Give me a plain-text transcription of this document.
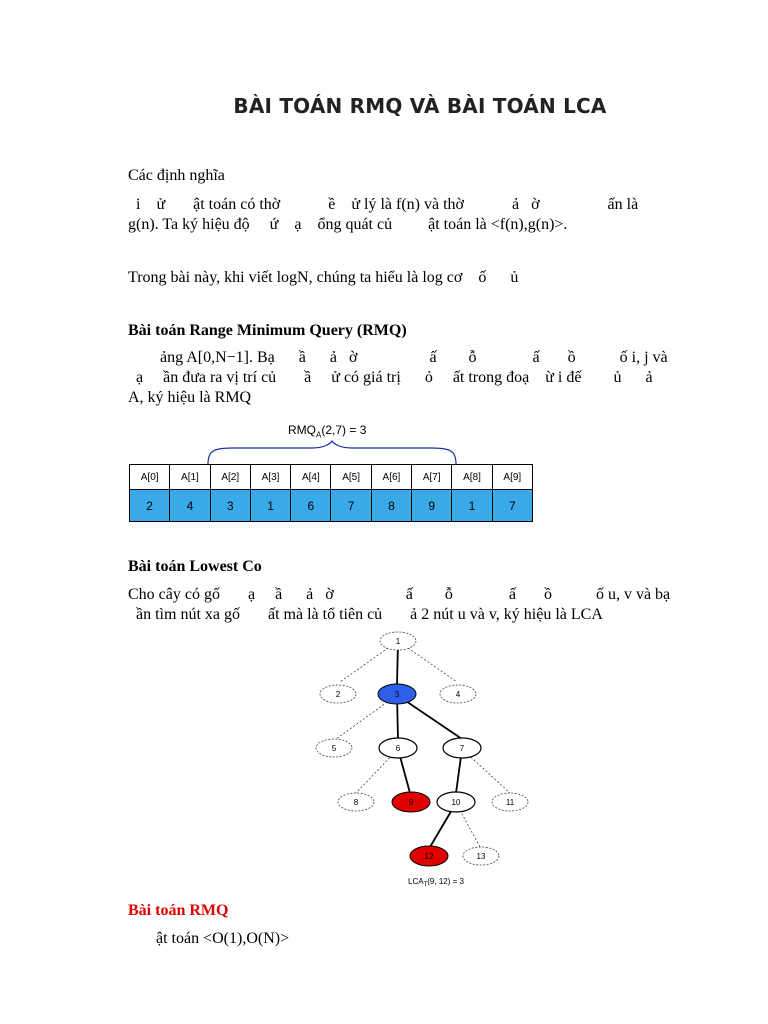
BÀI TOÁN RMQ VÀ BÀI TOÁN LCA
Các định nghĩa
i    ử       ật toán có thờ            ề    ử lý là f(n) và thờ            ả   ờ                 ấn là
g(n). Ta ký hiệu độ     ứ    ạ    ổng quát củ         ật toán là <f(n),g(n)>.
Trong bài này, khi viết logN, chúng ta hiểu là log cơ    ố      ủ
Bài toán Range Minimum Query (RMQ)
ảng A[0,N−1]. Bạ      ầ      ả   ờ                  ấ        ỗ              ấ       ồ           ố i, j và
ạ     ần đưa ra vị trí củ       ầ     ử có giá trị      ỏ     ất trong đoạ    ừ i đế        ủ      ả
A, ký hiệu là RMQ
$RMQ_A(2,7) = 3$
A[0]	A[1]	A[2]	A[3]	A[4]	A[5]	A[6]	A[7]	A[8]	A[9]
2	4	3	1	6	7	8	9	1	7
Bài toán Lowest Co
Cho cây có gố       ạ     ầ      ả   ờ                  ấ        ỗ              ấ       ồ           ố u, v và bạ
ần tìm nút xa gố       ất mà là tổ tiên củ       ả 2 nút u và v, ký hiệu là LCA
1
2	3	4
5	6	7
8	9	10	11
12	13
$LCA_T(9$, 12) = 3
Bài toán RMQ
ật toán <O(1),O(N)>
